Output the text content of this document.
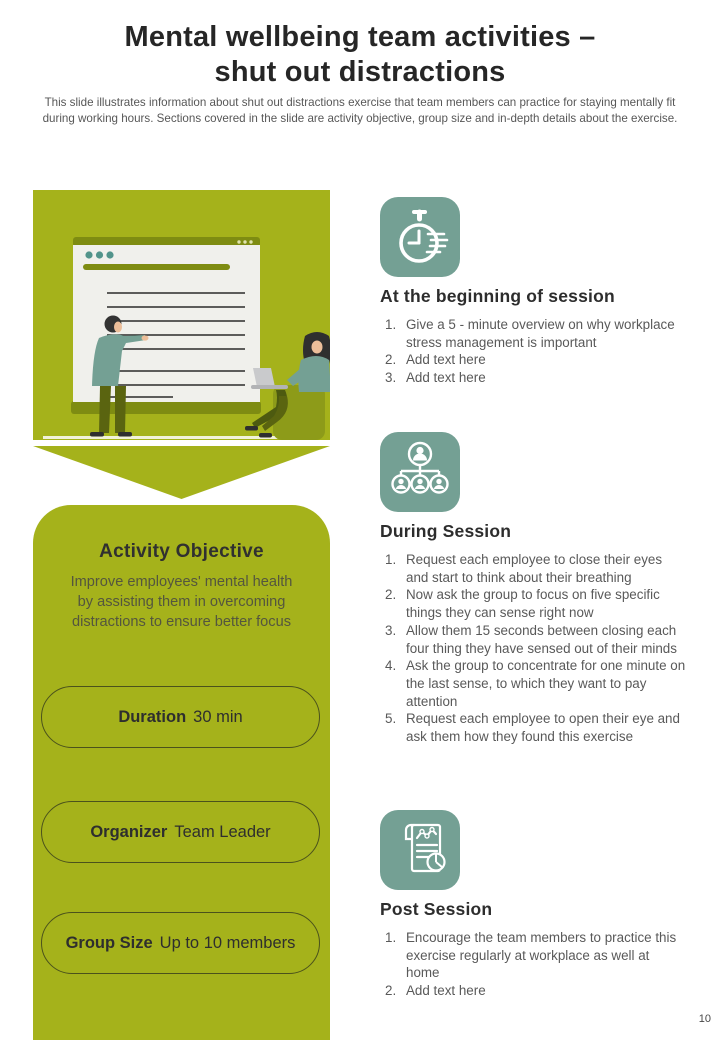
Mental wellbeing team activities –
shut out distractions
This slide illustrates information about shut out distractions exercise that team members can practice for staying mentally fit during working hours. Sections covered in the slide are activity objective, group size and in-depth details about the exercise.
Activity Objective
Improve employees' mental health
by assisting them in overcoming
distractions to ensure better focus
Duration 30 min
Organizer Team Leader
Group Size Up to 10 members
At the beginning of session
Give a 5 - minute overview on why workplace stress management is important
Add text here
Add text here
During Session
Request each employee to close their eyes and start to think about their breathing
Now ask the group to focus on five specific things they can sense right now
Allow them 15 seconds between closing each four thing they have sensed out of their minds
Ask the group to concentrate for one minute on the last sense, to which they want to pay attention
Request each employee to open their eye and ask them how they found this exercise
Post Session
Encourage the team members to practice this exercise regularly at workplace as well at home
Add text here
10
